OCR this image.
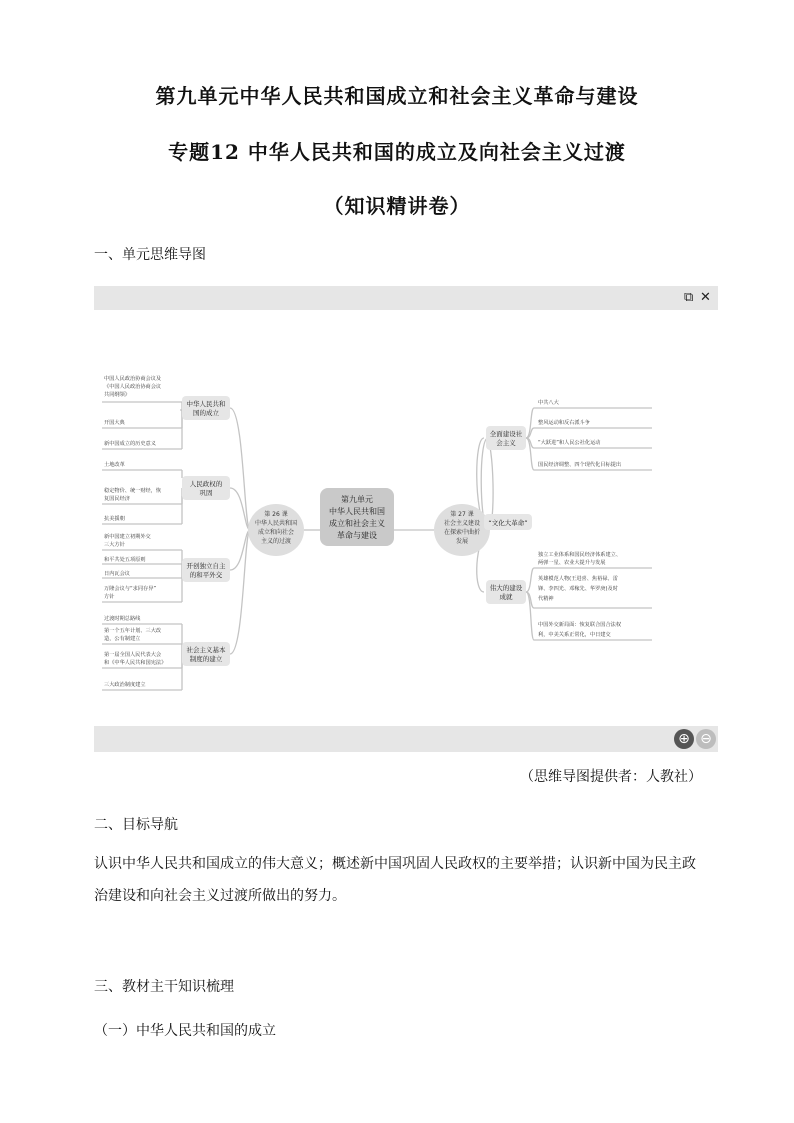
第九单元中华人民共和国成立和社会主义革命与建设
专题12 中华人民共和国的成立及向社会主义过渡
（知识精讲卷）
一、单元思维导图
⧉ ✕
第九单元
中华人民共和国
成立和社会主义
革命与建设
第 26 课
中华人民共和国
成立和向社会
主义的过渡
第 27 课
社会主义建设
在探索中曲折
发展
中华人民共和
国的成立
人民政权的
巩固
开创独立自主
的和平外交
社会主义基本
制度的建立
全面建设社
会主义
“文化大革命”
伟大的建设
成就
中国人民政治协商会议及
《中国人民政治协商会议
共同纲领》
开国大典
新中国成立的历史意义
土地改革
稳定物价、统一财经，恢
复国民经济
抗美援朝
新中国建立初期外交
三大方针
和平共处五项原则
日内瓦会议
万隆会议与“求同存异”
方针
过渡时期总路线
第一个五年计划、三大改
造，公有制建立
第一届全国人民代表大会
和《中华人民共和国宪法》
三大政治制度建立
中共八大
整风运动和反右派斗争
“大跃进”和人民公社化运动
国民经济调整、四个现代化目标提出
独立工业体系和国民经济体系建立、
两弹一星、农业大提升与发展
英雄模范人物(王进喜、焦裕禄、雷
锋、李四光、邓稼先、华罗庚)及时
代精神
中国外交新局面：恢复联合国合法权
利，中美关系正常化，中日建交
⊕ ⊖
（思维导图提供者：人教社）
二、目标导航
认识中华人民共和国成立的伟大意义；概述新中国巩固人民政权的主要举措；认识新中国为民主政
治建设和向社会主义过渡所做出的努力。
三、教材主干知识梳理
（一）中华人民共和国的成立
